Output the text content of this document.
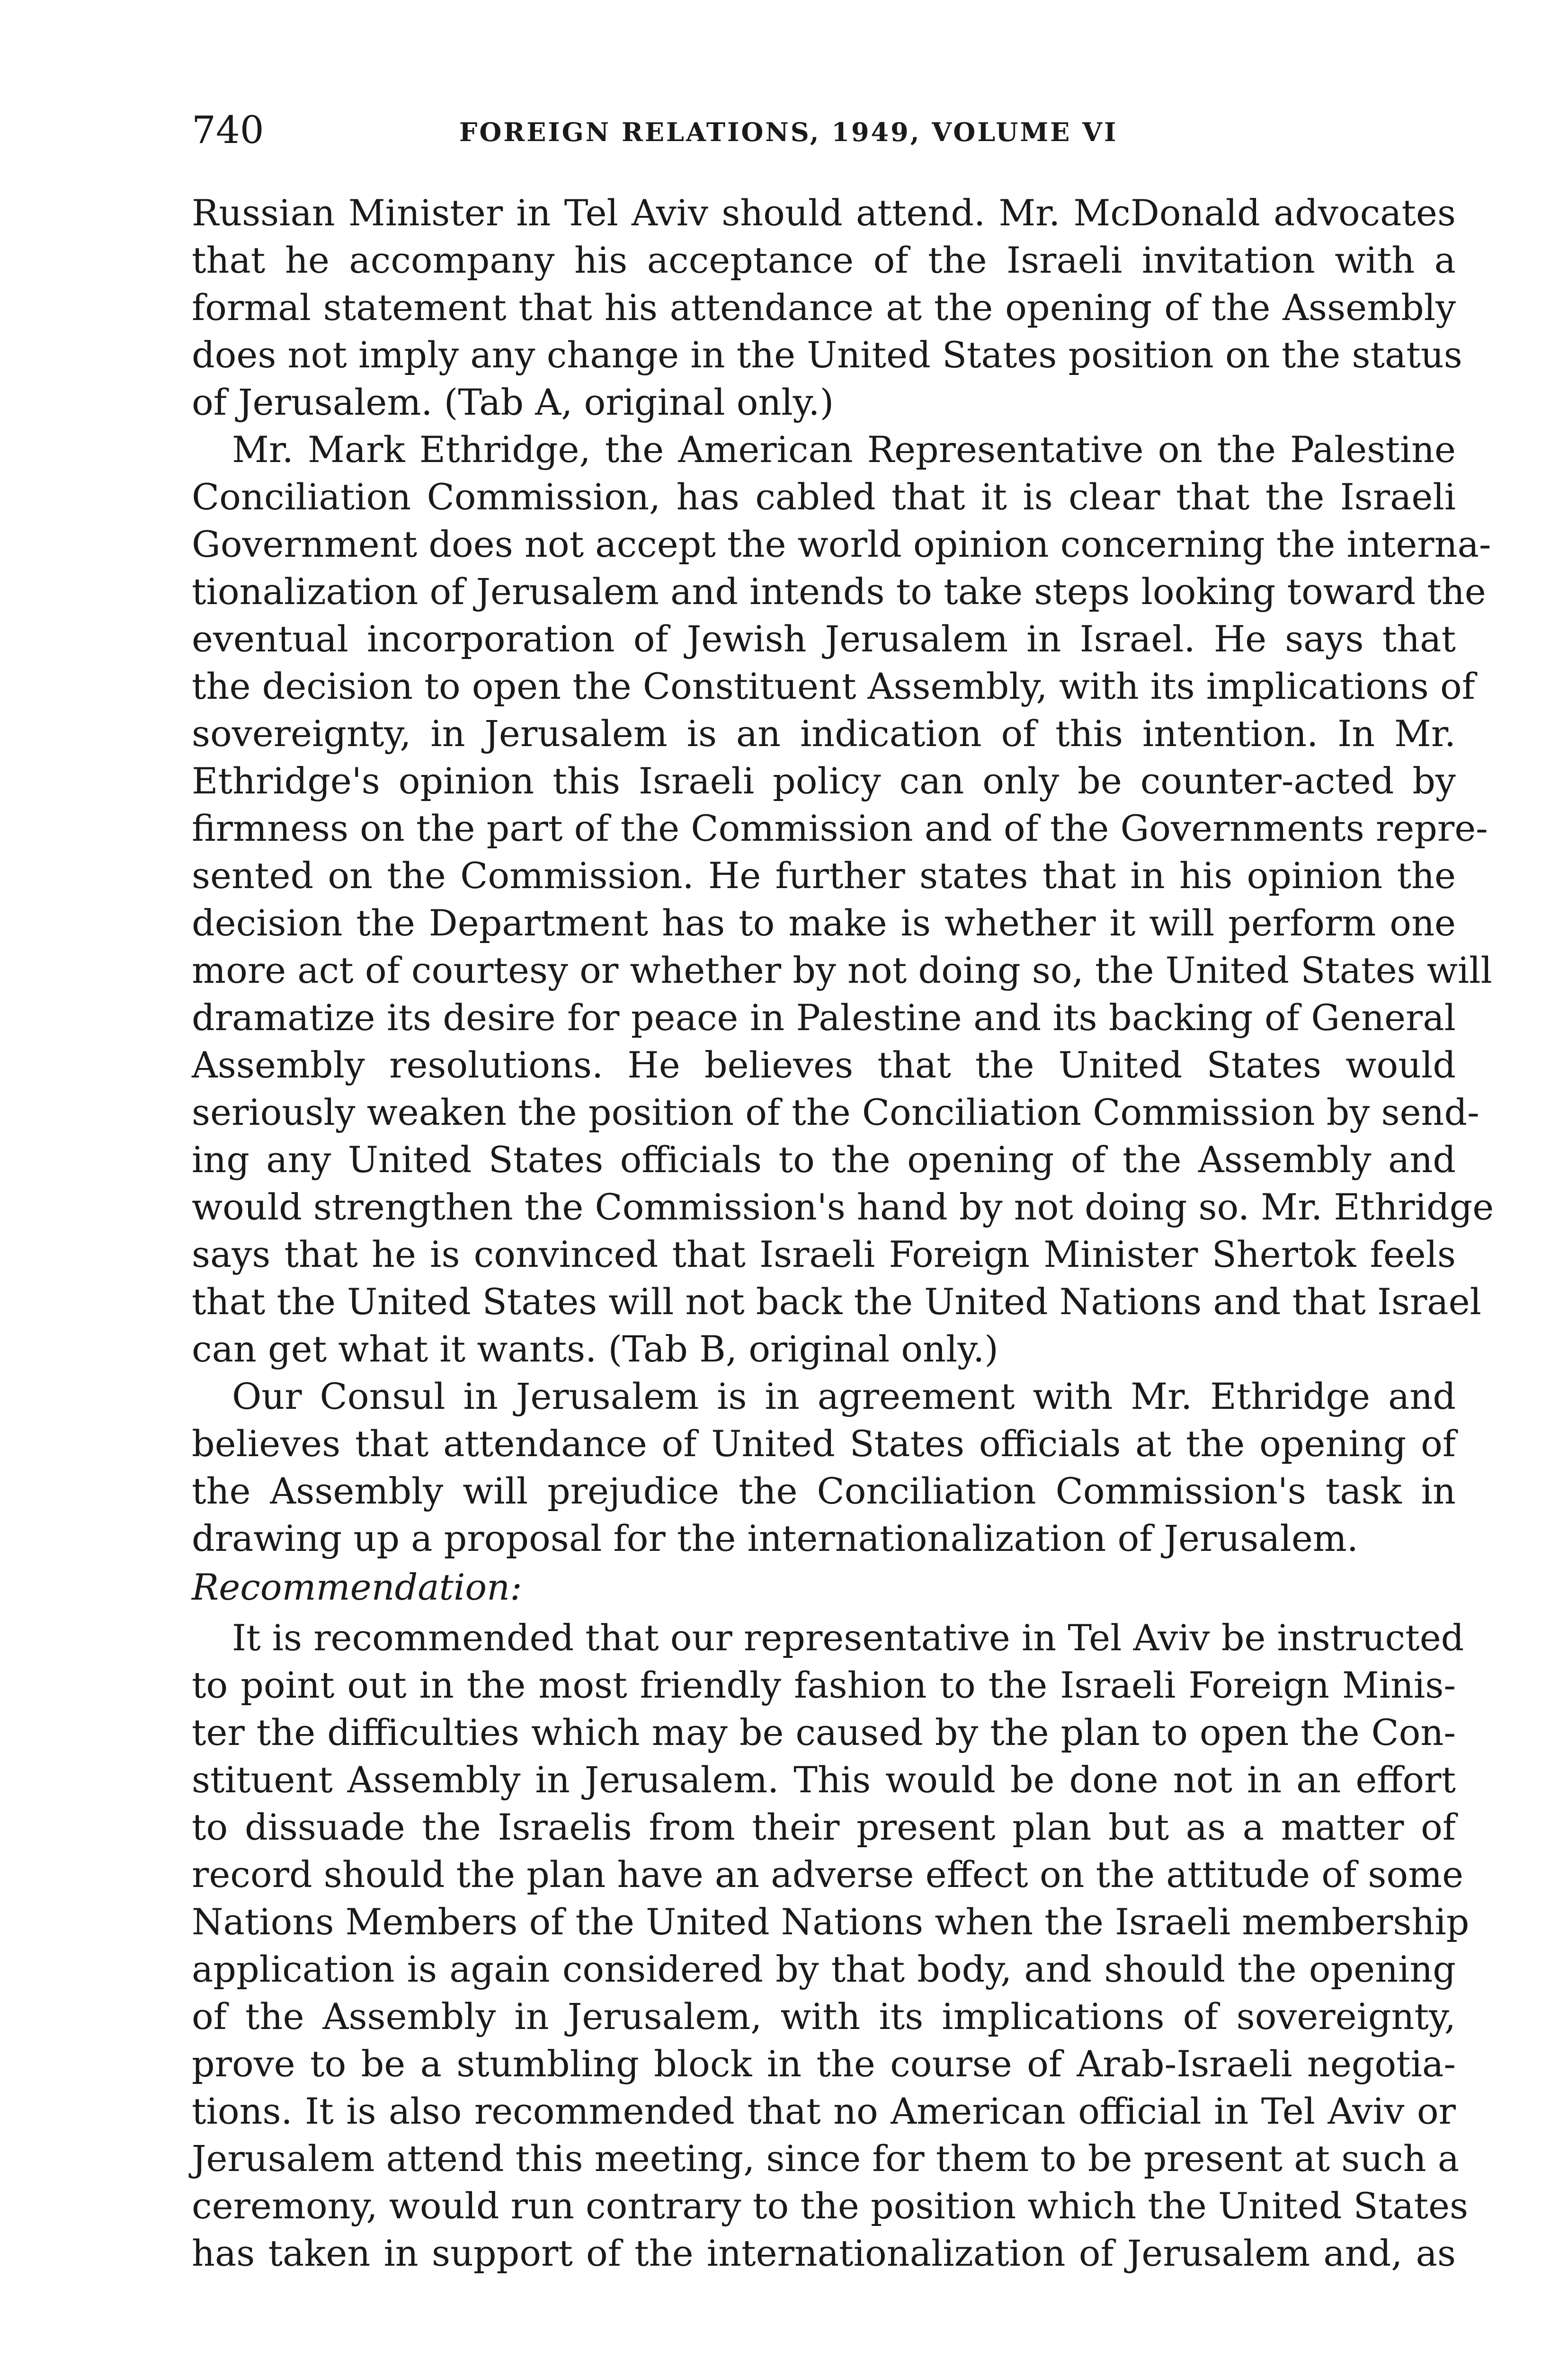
740	FOREIGN RELATIONS, 1949, VOLUME VI
Russian Minister in Tel Aviv should attend. Mr. McDonald advocates
that he accompany his acceptance of the Israeli invitation with a
formal statement that his attendance at the opening of the Assembly
does not imply any change in the United States position on the status
of Jerusalem. (Tab A, original only.)
Mr. Mark Ethridge, the American Representative on the Palestine
Conciliation Commission, has cabled that it is clear that the Israeli
Government does not accept the world opinion concerning the interna-
tionalization of Jerusalem and intends to take steps looking toward the
eventual incorporation of Jewish Jerusalem in Israel. He says that
the decision to open the Constituent Assembly, with its implications of
sovereignty, in Jerusalem is an indication of this intention. In Mr.
Ethridge's opinion this Israeli policy can only be counter-acted by
firmness on the part of the Commission and of the Governments repre-
sented on the Commission. He further states that in his opinion the
decision the Department has to make is whether it will perform one
more act of courtesy or whether by not doing so, the United States will
dramatize its desire for peace in Palestine and its backing of General
Assembly resolutions. He believes that the United States would
seriously weaken the position of the Conciliation Commission by send-
ing any United States officials to the opening of the Assembly and
would strengthen the Commission's hand by not doing so. Mr. Ethridge
says that he is convinced that Israeli Foreign Minister Shertok feels
that the United States will not back the United Nations and that Israel
can get what it wants. (Tab B, original only.)
Our Consul in Jerusalem is in agreement with Mr. Ethridge and
believes that attendance of United States officials at the opening of
the Assembly will prejudice the Conciliation Commission's task in
drawing up a proposal for the internationalization of Jerusalem.
Recommendation:
It is recommended that our representative in Tel Aviv be instructed
to point out in the most friendly fashion to the Israeli Foreign Minis-
ter the difficulties which may be caused by the plan to open the Con-
stituent Assembly in Jerusalem. This would be done not in an effort
to dissuade the Israelis from their present plan but as a matter of
record should the plan have an adverse effect on the attitude of some
Nations Members of the United Nations when the Israeli membership
application is again considered by that body, and should the opening
of the Assembly in Jerusalem, with its implications of sovereignty,
prove to be a stumbling block in the course of Arab-Israeli negotia-
tions. It is also recommended that no American official in Tel Aviv or
Jerusalem attend this meeting, since for them to be present at such a
ceremony, would run contrary to the position which the United States
has taken in support of the internationalization of Jerusalem and, as
